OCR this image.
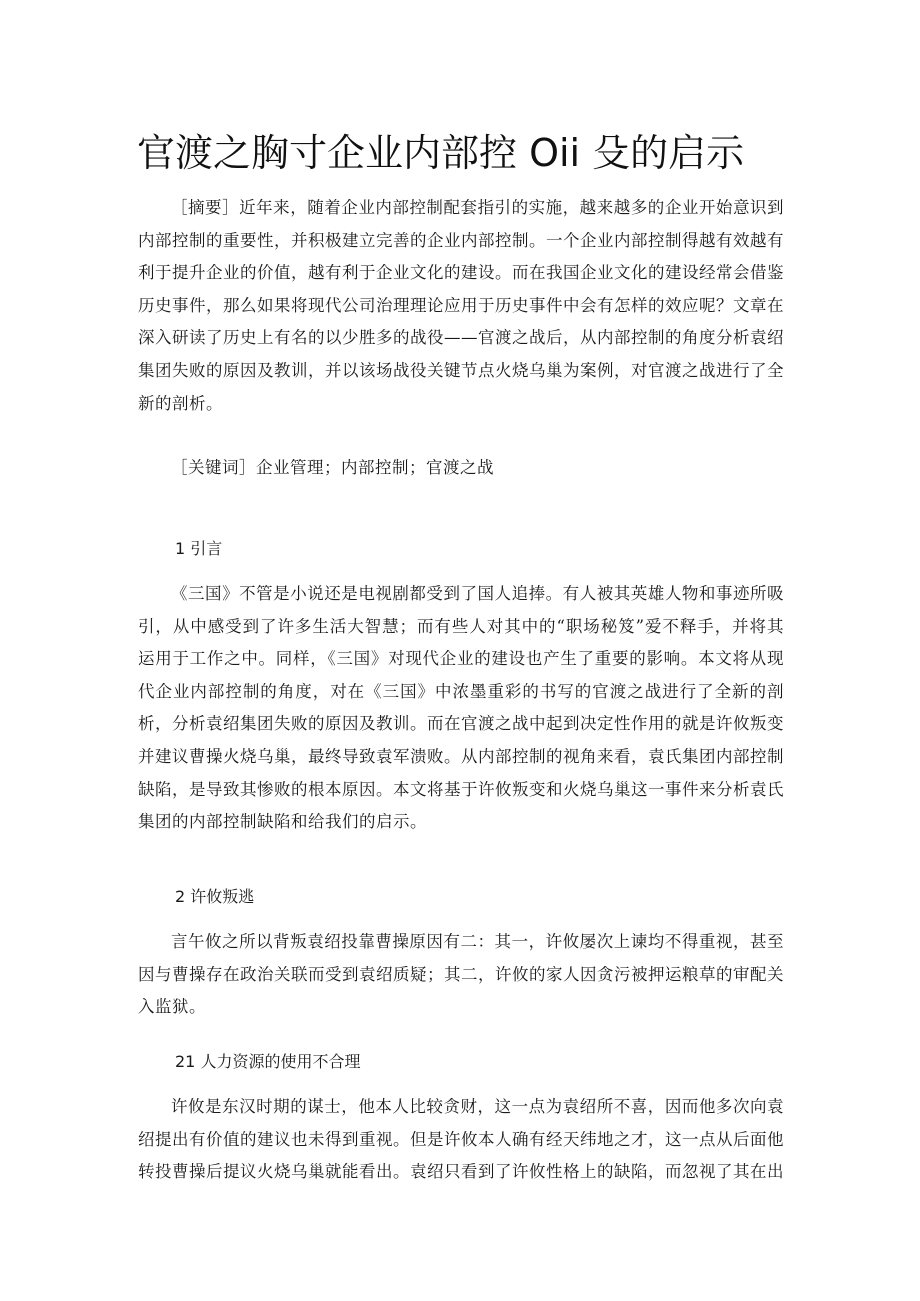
官渡之胸寸企业内部控 Oii 殳的启示

［摘要］近年来，随着企业内部控制配套指引的实施，越来越多的企业开始意识到内部控制的重要性，并积极建立完善的企业内部控制。一个企业内部控制得越有效越有利于提升企业的价值，越有利于企业文化的建设。而在我国企业文化的建设经常会借鉴历史事件，那么如果将现代公司治理理论应用于历史事件中会有怎样的效应呢？文章在深入研读了历史上有名的以少胜多的战役——官渡之战后，从内部控制的角度分析袁绍集团失败的原因及教训，并以该场战役关键节点火烧乌巢为案例，对官渡之战进行了全新的剖析。

［关键词］企业管理；内部控制；官渡之战

1 引言

《三国》不管是小说还是电视剧都受到了国人追捧。有人被其英雄人物和事迹所吸引，从中感受到了许多生活大智慧；而有些人对其中的“职场秘笈”爱不释手，并将其运用于工作之中。同样，《三国》对现代企业的建设也产生了重要的影响。本文将从现代企业内部控制的角度，对在《三国》中浓墨重彩的书写的官渡之战进行了全新的剖析，分析袁绍集团失败的原因及教训。而在官渡之战中起到决定性作用的就是许攸叛变并建议曹操火烧乌巢，最终导致袁军溃败。从内部控制的视角来看，袁氏集团内部控制缺陷，是导致其惨败的根本原因。本文将基于许攸叛变和火烧乌巢这一事件来分析袁氏集团的内部控制缺陷和给我们的启示。

2 许攸叛逃

言午攸之所以背叛袁绍投靠曹操原因有二：其一，许攸屡次上谏均不得重视，甚至因与曹操存在政治关联而受到袁绍质疑；其二，许攸的家人因贪污被押运粮草的审配关入监狱。

21 人力资源的使用不合理

许攸是东汉时期的谋士，他本人比较贪财，这一点为袁绍所不喜，因而他多次向袁绍提出有价值的建议也未得到重视。但是许攸本人确有经天纬地之才，这一点从后面他转投曹操后提议火烧乌巢就能看出。袁绍只看到了许攸性格上的缺陷，而忽视了其在出
